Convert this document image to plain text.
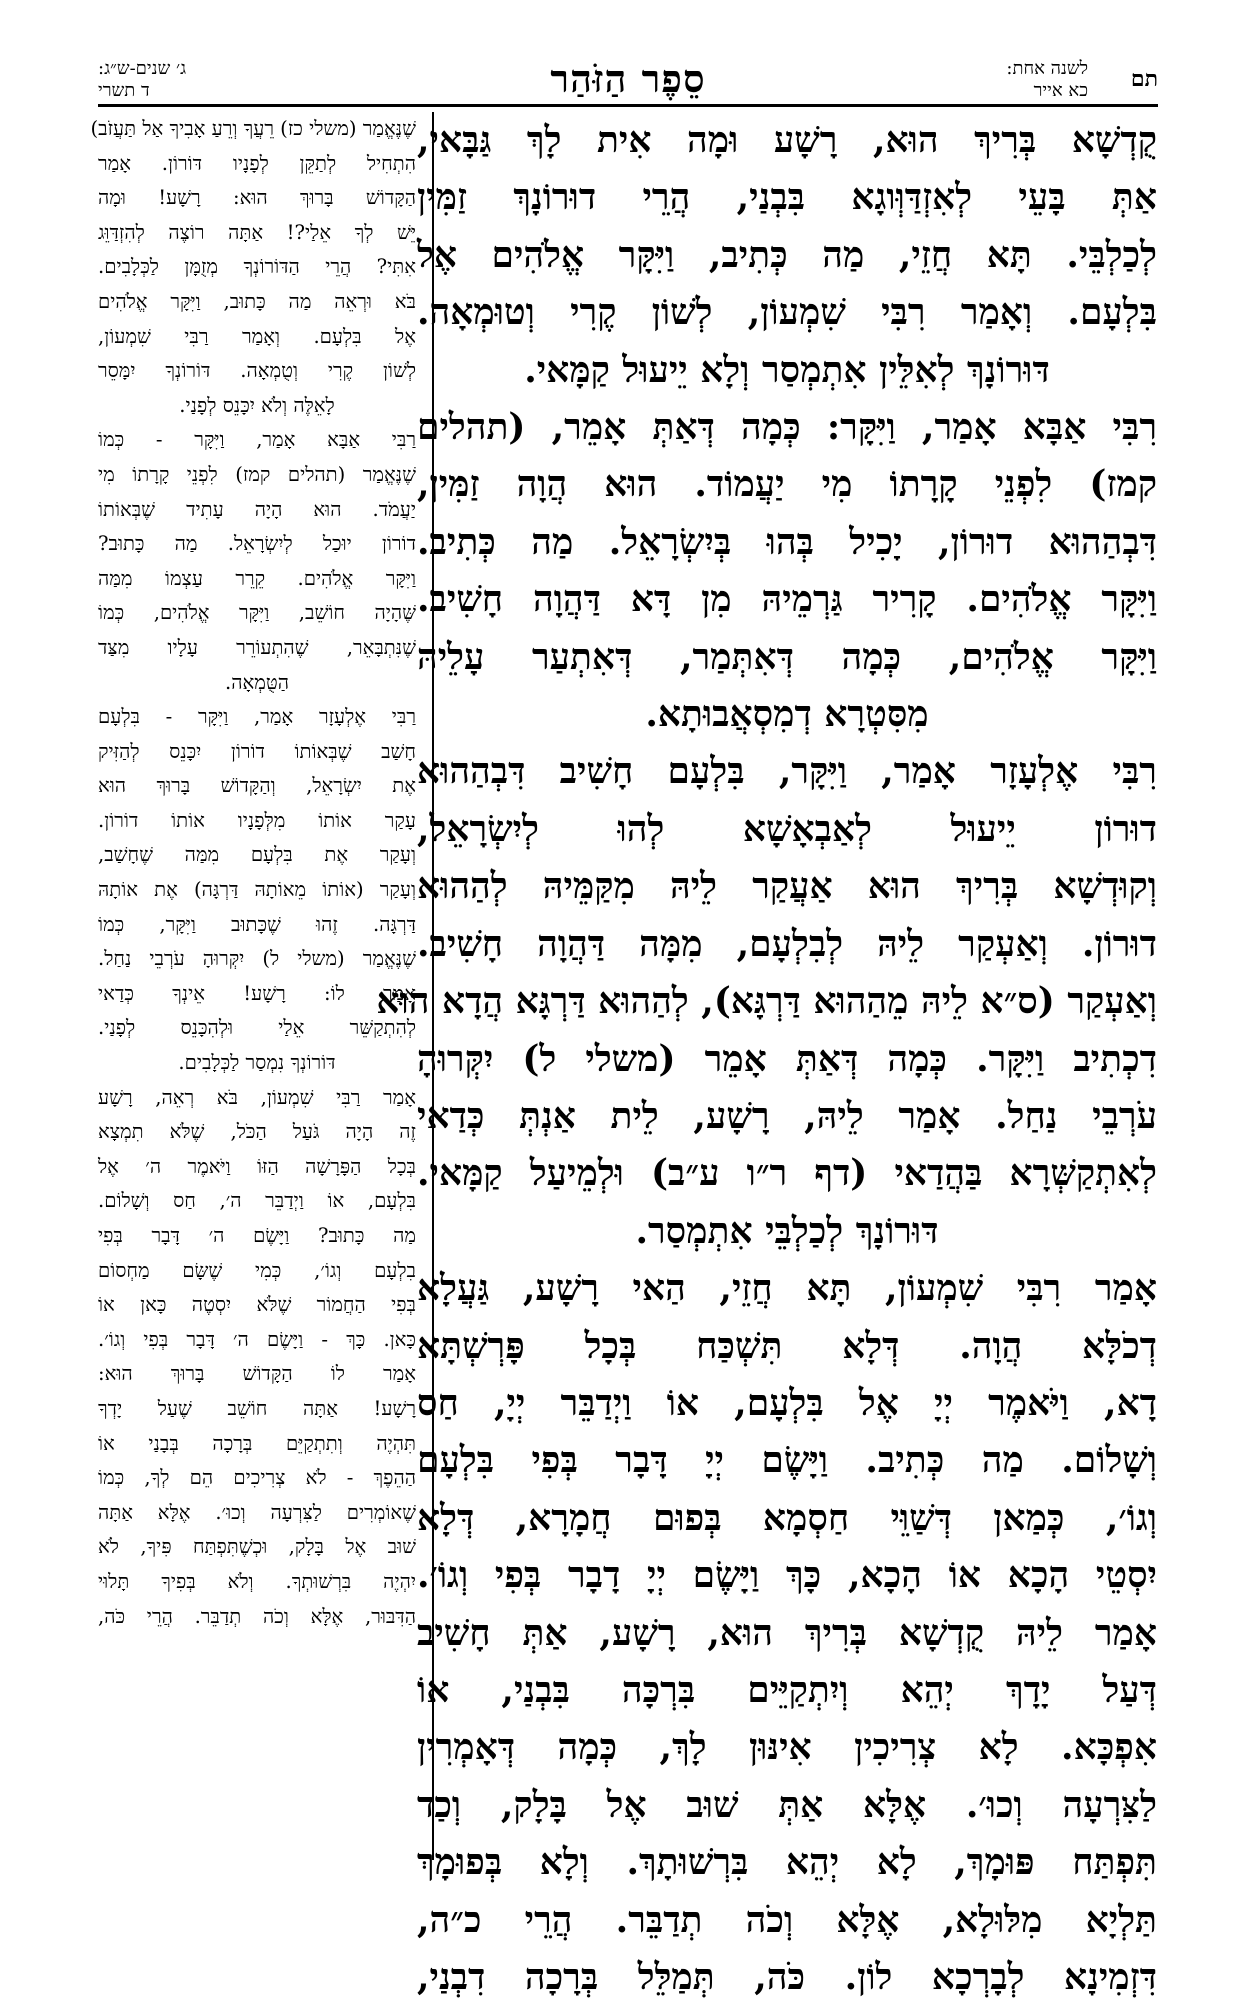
תם
לשנה אחת:
כא אייר
סֵפֶר הַזֹּהַר
ג׳ שנים-ש״ג:
ד תשרי
קֻדְשָׁא בְּרִיךְ הוּא, רָשָׁע וּמָה אִית לָךְ גַּבָּאי,
אַתְּ בָּעֵי לְאִזְדַּוְּוגָא בִּבְנַי, הֲרֵי דוּרוֹנָךְ זַמִּין
לְכַלְבֵּי. תָּא חֲזֵי, מַה כְּתִיב, וַיִּקָּר אֱלֹהִים אֶל
בִּלְעָם. וְאָמַר רִבִּי שִׁמְעוֹן, לְשׁוֹן קֶרִי וְטוּמְאָה.
דּוּרוֹנָךְ לְאִלֵּין אִתְמְסַר וְלָא יֵיעוּל קַמָּאי.
רִבִּי אַבָּא אָמַר, וַיִּקָּר: כְּמָה דְּאַתְּ אָמֵר, (תהלים
קמז) לִפְנֵי קָרָתוֹ מִי יַעֲמוֹד. הוּא הֲוָה זַמִּין,
דִּבְהַהוּא דוּרוֹן, יָכִיל בְּהוּ בְּיִשְׂרָאֵל. מַה כְּתִיב.
וַיִּקָּר אֱלֹהִים. קָרִיר גַּרְמֵיהּ מִן דָּא דַּהֲוָה חָשִׁיב.
וַיִּקָּר אֱלֹהִים, כְּמָה דְּאִתְּמַר, דְּאִתְעַר עָלֵיהּ
מִסִּטְרָא דְמִסְאֲבוּתָא.
רִבִּי אֶלְעָזָר אָמַר, וַיִּקָּר, בִּלְעָם חָשִׁיב דִּבְהַהוּא
דוּרוֹן יֵיעוּל לְאַבְאָשָׁא לְהוּ לְיִשְׂרָאֵל,
וְקוּדְשָׁא בְּרִיךְ הוּא אַעֲקַר לֵיהּ מִקַּמֵּיהּ לְהַהוּא
דוּרוֹן. וְאַעְקַר לֵיהּ לְבִלְעָם, מִמָּה דַּהֲוָה חָשִׁיב.
וְאַעְקַר (ס״א לֵיהּ מֵהַהוּא דַּרְגָּא), לְהַהוּא דַּרְגָּא הֲדָא הוּא
דִכְתִיב וַיִּקָּר. כְּמָה דְּאַתְּ אָמֵר (משלי ל) יִקְּרוּהָ
עֹרְבֵי נַחַל. אָמַר לֵיהּ, רָשָׁע, לֵית אַנְתְּ כְּדַאי
לְאִתְקַשְּׁרָא בַּהֲדַאי (דף ר״ו ע״ב) וּלְמֵיעַל קַמָּאי.
דּוּרוֹנָךְ לְכַלְבֵּי אִתְמְסַר.
אָמַר רִבִּי שִׁמְעוֹן, תָּא חֲזֵי, הַאי רָשָׁע, גַּעֲלָא
דְכֹלָּא הֲוָה. דְּלָא תִּשְׁכַּח בְּכָל פָּרְשְׁתָּא
דָא, וַיֹּאמֶר יְיָ אֶל בִּלְעָם, אוֹ וַיְדַבֵּר יְיָ, חַס
וְשָׁלוֹם. מַה כְּתִיב. וַיָּשֶׂם יְיָ דָּבָר בְּפִי בִּלְעָם
וְגוֹ׳, כְּמַאן דְּשַׁוֵּי חַסְמָא בְּפוּם חֲמָרָא, דְּלָא
יִסְטֵי הָכָא אוֹ הָכָא, כָּךְ וַיָּשֶׂם יְיָ דָבָר בְּפִי וְגוֹ׳.
אָמַר לֵיהּ קֻדְשָׁא בְּרִיךְ הוּא, רָשָׁע, אַתְּ חָשִׁיב
דְּעַל יָדָךְ יְהֵא וְיִתְקַיֵּים בִּרְכָּה בִּבְנַי, אוֹ
אִפְכָּא. לָא צְרִיכִין אִינּוּן לָךְ, כְּמָה דְּאָמְרִין
לַצִּרְעָה וְכוּ׳. אֶלָּא אַתְּ שׁוּב אֶל בָּלָק, וְכַד
תִּפְתַּח פּוּמָךְ, לָא יְהֵא בִּרְשׁוּתָךְ. וְלָא בְּפוּמָךְ
תַּלְיָא מִלּוּלָא, אֶלָּא וְכֹה תְדַבֵּר. הֲרֵי כ״ה,
דִּזְמִינָא לְבָרְכָא לוֹן. כֹּה, תְּמַלֵּל בְּרָכָה דִבְנַי,
שֶׁנֶּאֱמַר (משלי כז) רֵעֲךָ וְרֵעַ אָבִיךָ אַל תַּעֲזֹב)
הִתְחִיל לְתַקֵּן לְפָנָיו דּוֹרוֹן. אָמַר
הַקָּדוֹשׁ בָּרוּךְ הוּא: רָשָׁע! וּמָה
יֵּשׁ לְךָ אֵלַי?! אַתָּה רוֹצֶה לְהִזְדַּוֵּג
אִתִּי? הֲרֵי הַדּוֹרוֹנְךָ מְזֻמָּן לַכְּלָבִים.
בֹּא וּרְאֵה מַה כָּתוּב, וַיִּקָּר אֱלֹהִים
אֶל בִּלְעָם. וְאָמַר רַבִּי שִׁמְעוֹן,
לְשׁוֹן קֶרִי וְטֻמְאָה. דּוֹרוֹנְךָ יִמָּסֵר
לָאֵלֶּה וְלֹא יִכָּנֵס לְפָנַי.
רַבִּי אַבָּא אָמַר, וַיִּקָּר - כְּמוֹ
שֶׁנֶּאֱמַר (תהלים קמז) לִפְנֵי קָרָתוֹ מִי
יַעֲמֹד. הוּא הָיָה עָתִיד שֶׁבְּאוֹתוֹ
דוֹרוֹן יוּכַל לְיִשְׂרָאֵל. מַה כָּתוּב?
וַיִּקָּר אֱלֹהִים. קֵרֵר עַצְמוֹ מִמַּה
שֶּׁהָיָה חוֹשֵׁב, וַיִּקָּר אֱלֹהִים, כְּמוֹ
שֶׁנִּתְבָּאֵר, שֶׁהִתְעוֹרֵר עָלָיו מִצַּד
הַטֻּמְאָה.
רַבִּי אֶלְעָזָר אָמַר, וַיִּקָּר - בִּלְעָם
חָשַׁב שֶׁבְּאוֹתוֹ דוֹרוֹן יִכָּנֵס לְהַזִּיק
אֶת יִשְׂרָאֵל, וְהַקָּדוֹשׁ בָּרוּךְ הוּא
עָקַר אוֹתוֹ מִלְּפָנָיו אוֹתוֹ דוֹרוֹן.
וְעָקַר אֶת בִּלְעָם מִמַּה שֶׁחָשַׁב,
וְעָקַר (אוֹתוֹ מֵאוֹתָהּ דַּרְגָּה) אֶת אוֹתָהּ
דַּרְגָּה. זֶהוּ שֶׁכָּתוּב וַיִּקָּר, כְּמוֹ
שֶׁנֶּאֱמַר (משלי ל) יִקְּרוּהָ עֹרְבֵי נַחַל.
אָמַר לוֹ: רָשָׁע! אֵינְךָ כְּדַאי
לְהִתְקַשֵּׁר אֵלַי וּלְהִכָּנֵס לְפָנַי.
דּוֹרוֹנְךָ נִמְסַר לַכְּלָבִים.
אָמַר רַבִּי שִׁמְעוֹן, בֹּא רְאֵה, רָשָׁע
זֶה הָיָה גֹּעַל הַכֹּל, שֶׁלֹּא תִמְצָא
בְּכָל הַפָּרָשָׁה הַזּוֹ וַיֹּאמֶר ה׳ אֶל
בִּלְעָם, אוֹ וַיְדַבֵּר ה׳, חַס וְשָׁלוֹם.
מַה כָּתוּב? וַיָּשֶׂם ה׳ דָּבָר בְּפִי
בִלְעָם וְגוֹ׳, כְּמִי שֶׁשָּׂם מַחְסוֹם
בְּפִי הַחֲמוֹר שֶׁלֹּא יִסְטֶה כָּאן אוֹ
כָּאן. כָּךְ - וַיָּשֶׂם ה׳ דָּבָר בְּפִי וְגוֹ׳.
אָמַר לוֹ הַקָּדוֹשׁ בָּרוּךְ הוּא:
רָשָׁע! אַתָּה חוֹשֵׁב שֶׁעַל יָדְךָ
תִּהְיֶה וְתִתְקַיֵּם בְּרָכָה בְּבָנַי אוֹ
הַהֵפֶךְ - לֹא צְרִיכִים הֵם לְךָ, כְּמוֹ
שֶׁאוֹמְרִים לַצִּרְעָה וְכוּ׳. אֶלָּא אַתָּה
שׁוּב אֶל בָּלָק, וּכְשֶׁתִּפְתַּח פִּיךָ, לֹא
יִהְיֶה בִּרְשׁוּתְךָ. וְלֹא בְּפִיךָ תָּלוּי
הַדִּבּוּר, אֶלָּא וְכֹה תְדַבֵּר. הֲרֵי כֹּה,
